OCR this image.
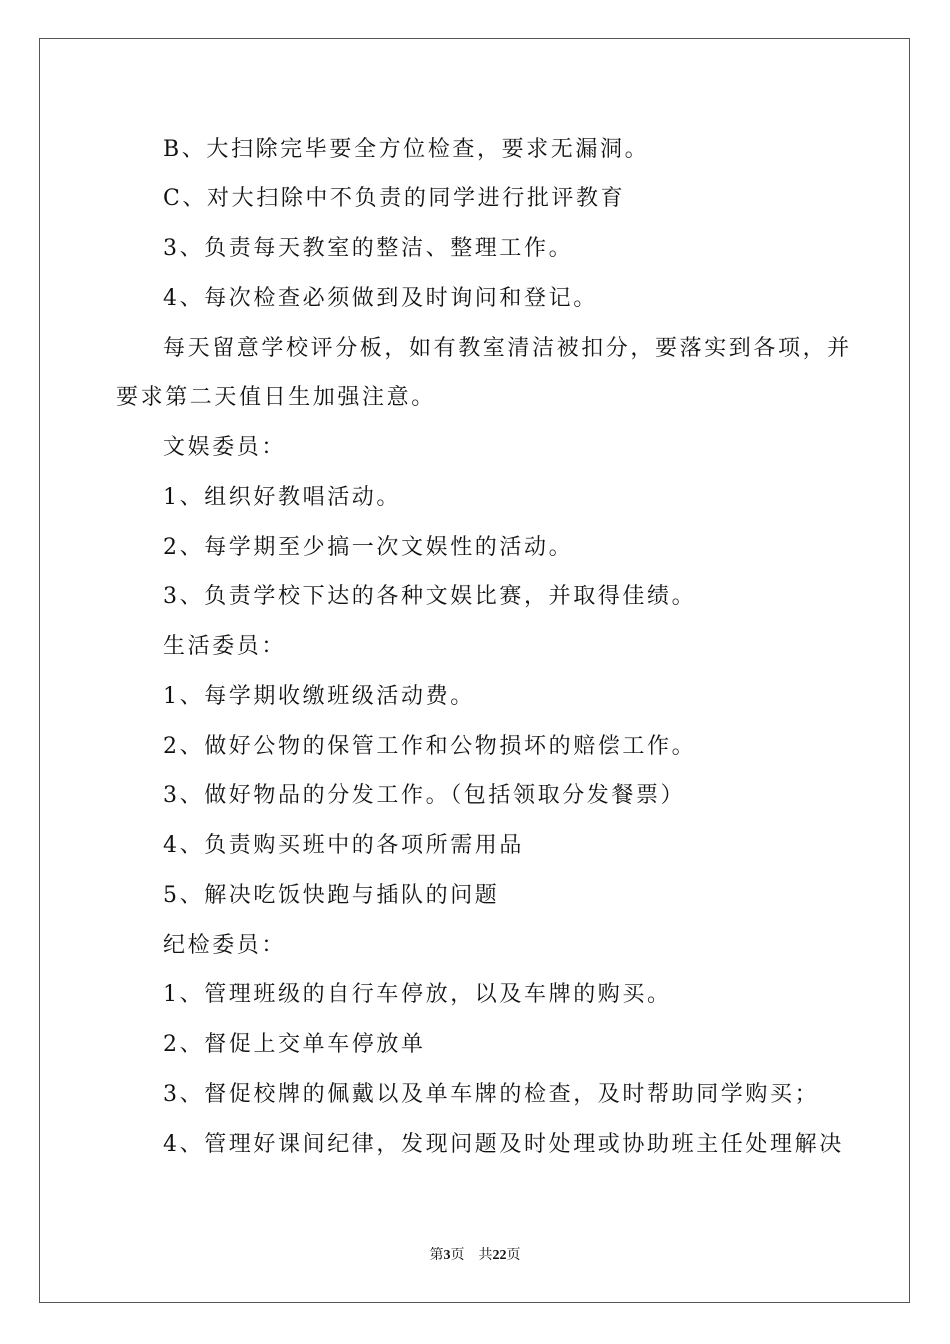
B、大扫除完毕要全方位检查，要求无漏洞。

C、对大扫除中不负责的同学进行批评教育

3、负责每天教室的整洁、整理工作。

4、每次检查必须做到及时询问和登记。

每天留意学校评分板，如有教室清洁被扣分，要落实到各项，并

要求第二天值日生加强注意。

文娱委员：

1、组织好教唱活动。

2、每学期至少搞一次文娱性的活动。

3、负责学校下达的各种文娱比赛，并取得佳绩。

生活委员：

1、每学期收缴班级活动费。

2、做好公物的保管工作和公物损坏的赔偿工作。

3、做好物品的分发工作。（包括领取分发餐票）

4、负责购买班中的各项所需用品

5、解决吃饭快跑与插队的问题

纪检委员：

1、管理班级的自行车停放，以及车牌的购买。

2、督促上交单车停放单

3、督促校牌的佩戴以及单车牌的检查，及时帮助同学购买；

4、管理好课间纪律，发现问题及时处理或协助班主任处理解决

第3页 共22页
